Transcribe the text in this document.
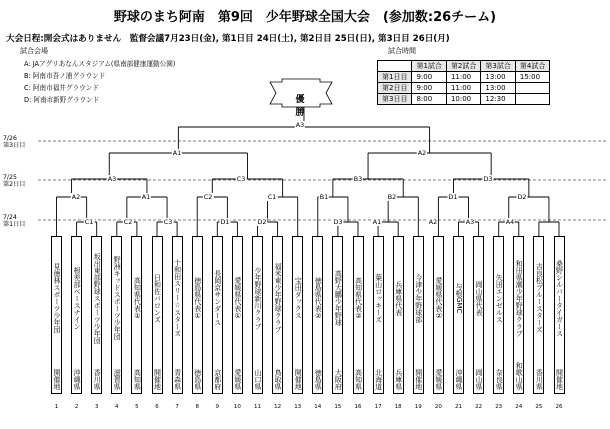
野球のまち阿南　第9回　少年野球全国大会　(参加数:26チーム)
大会日程:開会式はありません　監督会議7月23日(金), 第1日目 24日(土), 第2日目 25日(日), 第3日目 26日(月)
試合会場
A: JAアグリあなんスタジアム(県南部健康運動公園)
B: 阿南市吾ノ浦グラウンド
C: 阿南市福井グラウンド
D: 阿南市新野グラウンド
試合時間
	第1試合	第2試合	第3試合	第4試合
第1日目	9:00	11:00	13:00	15:00
第2日目	9:00	11:00	13:00	
第3日目	8:00	10:00	12:30	
優　勝
7/26
第3日目
7/25
第2日目
7/24
第1日目
A3
A1	A2
A3	C3	B3	D3
A2	A1	C2	C1	B1	B2	D1	D2
C1	C2	C3	D1	D2	D3	A1	A2	A3	A4
見徳林スポーツ少年団
開催地
1
根差部ベースナイン
沖縄県
2
坂出東部野球スポーツ少年団
香川県
3
野洲キッドスポーツ少年団
滋賀県
4
高知県代表①
高知県
5
日和佐バロンズ
開催地
6
十和田スリー☆スターズ
青森県
7
徳島県代表①
徳島県
8
長岡京サンダース
京都府
9
愛媛県代表①
愛媛県
10
少年野球新川クラブ
山口県
11
福米東少年野球クラブ
鳥取県
12
宝田ダックス
開催地
13
徳島県代表②
徳島県
14
高野大鵬少年野球
大阪府
15
高知県代表②
高知県
16
葉山ロッキーズ
北海道
17
兵庫県代表
兵庫県
18
今津少年野球部
開催地
19
愛媛県代表②
愛媛県
20
与根GMC
沖縄県
21
岡山県代表
岡山県
22
矢田エンゼルス
奈良県
23
和田県潮少年野球クラブ
和歌山県
24
吉良松ブルースターズ
香川県
25
桑野シルバータイガース
開催地
26
